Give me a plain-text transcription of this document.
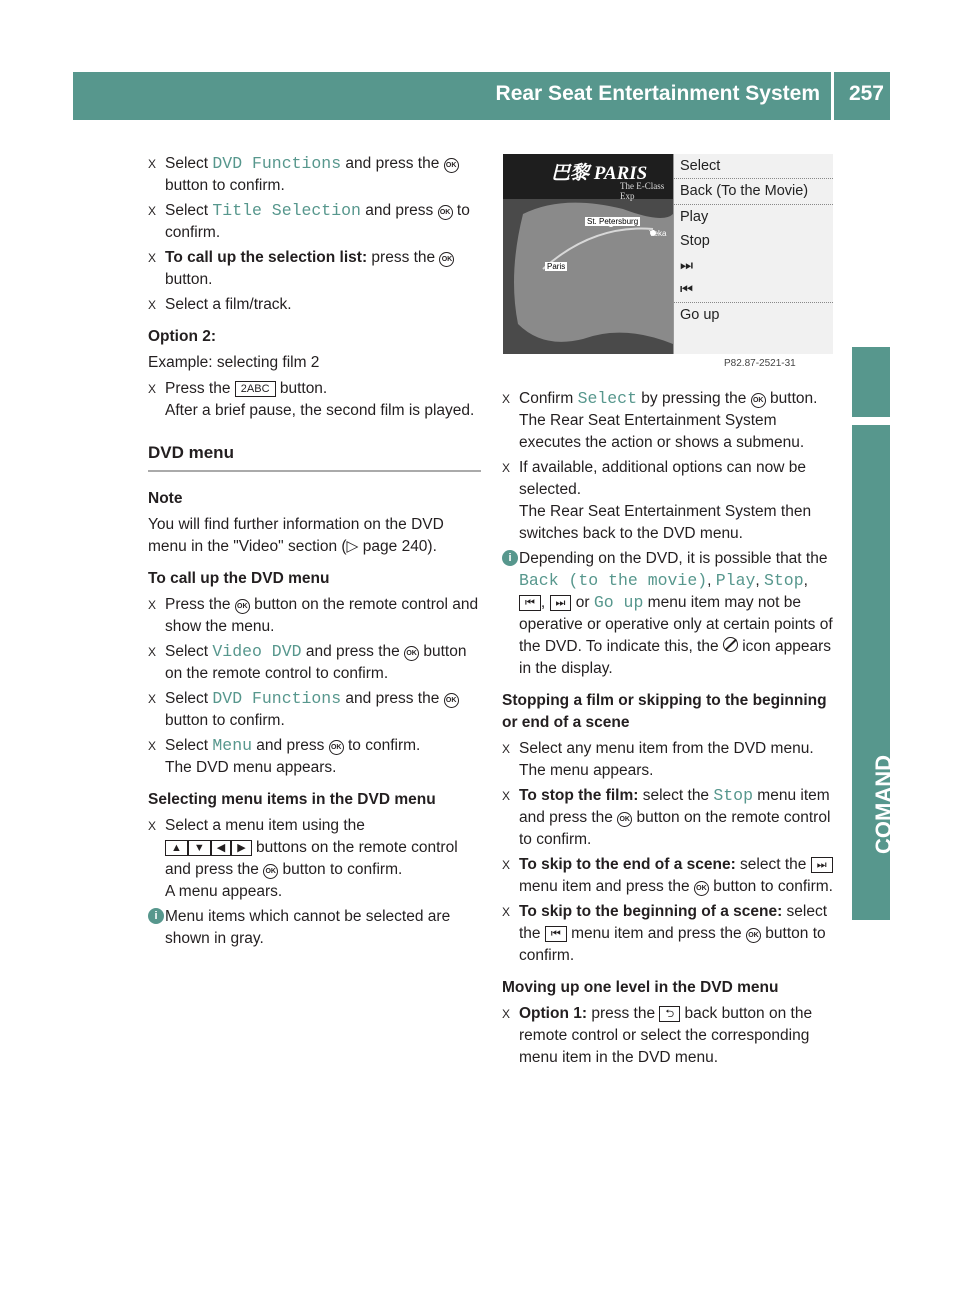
Rear Seat Entertainment System 257
COMAND
X Select DVD Functions and press the OK button to confirm.
X Select Title Selection and press OK to confirm.
X To call up the selection list: press the OK button.
X Select a film/track.

Option 2:

Example: selecting film 2

X Press the 2ABC button.
After a brief pause, the second film is played.
DVD menu

Note

You will find further information on the DVD menu in the "Video" section (▷ page 240).

To call up the DVD menu

X Press the OK button on the remote control and show the menu.
X Select Video DVD and press the OK button on the remote control to confirm.
X Select DVD Functions and press the OK button to confirm.
X Select Menu and press OK to confirm.
The DVD menu appears.

Selecting menu items in the DVD menu

X Select a menu item using the
▲ ▼ ◀ ▶ buttons on the remote control and press the OK button to confirm.
A menu appears.
i Menu items which cannot be selected are shown in gray.
巴黎 PARIS
The E-Class Exp
St. Petersburg
Yeka
Paris
Select
Back (To the Movie)
Play
Stop
⏭
⏮
Go up
P82.87-2521-31
X Confirm Select by pressing the OK button.
The Rear Seat Entertainment System executes the action or shows a submenu.
X If available, additional options can now be selected.
The Rear Seat Entertainment System then switches back to the DVD menu.
i Depending on the DVD, it is possible that the Back (to the movie), Play, Stop,
⏮ , ⏭ or Go up menu item may not be operative or operative only at certain points of the DVD. To indicate this, the
icon appears in the display.

Stopping a film or skipping to the beginning or end of a scene

X Select any menu item from the DVD menu.
The menu appears.
X To stop the film: select the Stop menu item and press the OK button on the remote control to confirm.
X To skip to the end of a scene: select the ⏭ menu item and press the OK button to confirm.
X To skip to the beginning of a scene: select the ⏮ menu item and press the OK button to confirm.

Moving up one level in the DVD menu

X Option 1: press the ⮌ back button on the remote control or select the corresponding menu item in the DVD menu.
